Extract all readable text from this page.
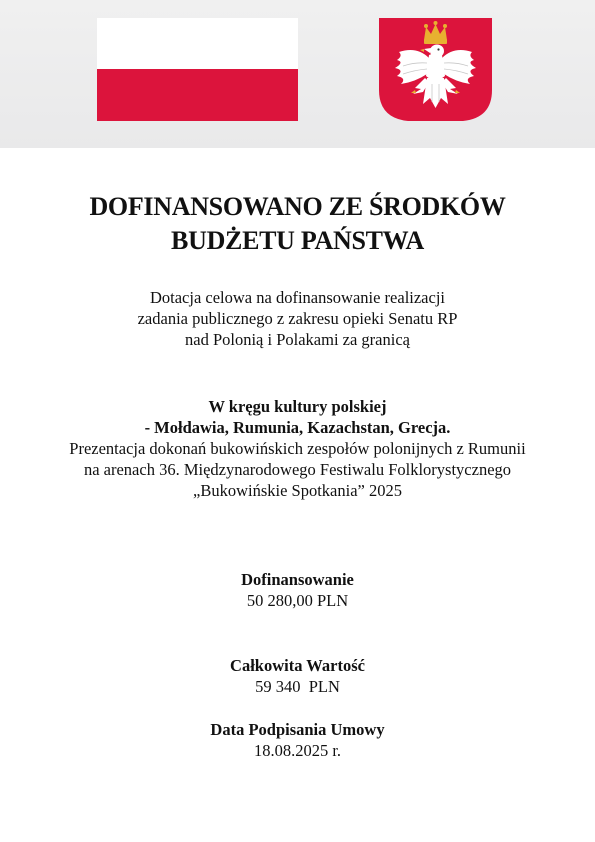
DOFINANSOWANO ZE ŚRODKÓW
BUDŻETU PAŃSTWA
Dotacja celowa na dofinansowanie realizacji
zadania publicznego z zakresu opieki Senatu RP
nad Polonią i Polakami za granicą
W kręgu kultury polskiej
- Mołdawia, Rumunia, Kazachstan, Grecja.
Prezentacja dokonań bukowińskich zespołów polonijnych z Rumunii
na arenach 36. Międzynarodowego Festiwalu Folklorystycznego
„Bukowińskie Spotkania” 2025
Dofinansowanie
50 280,00 PLN
Całkowita Wartość
59 340  PLN
Data Podpisania Umowy
18.08.2025 r.
